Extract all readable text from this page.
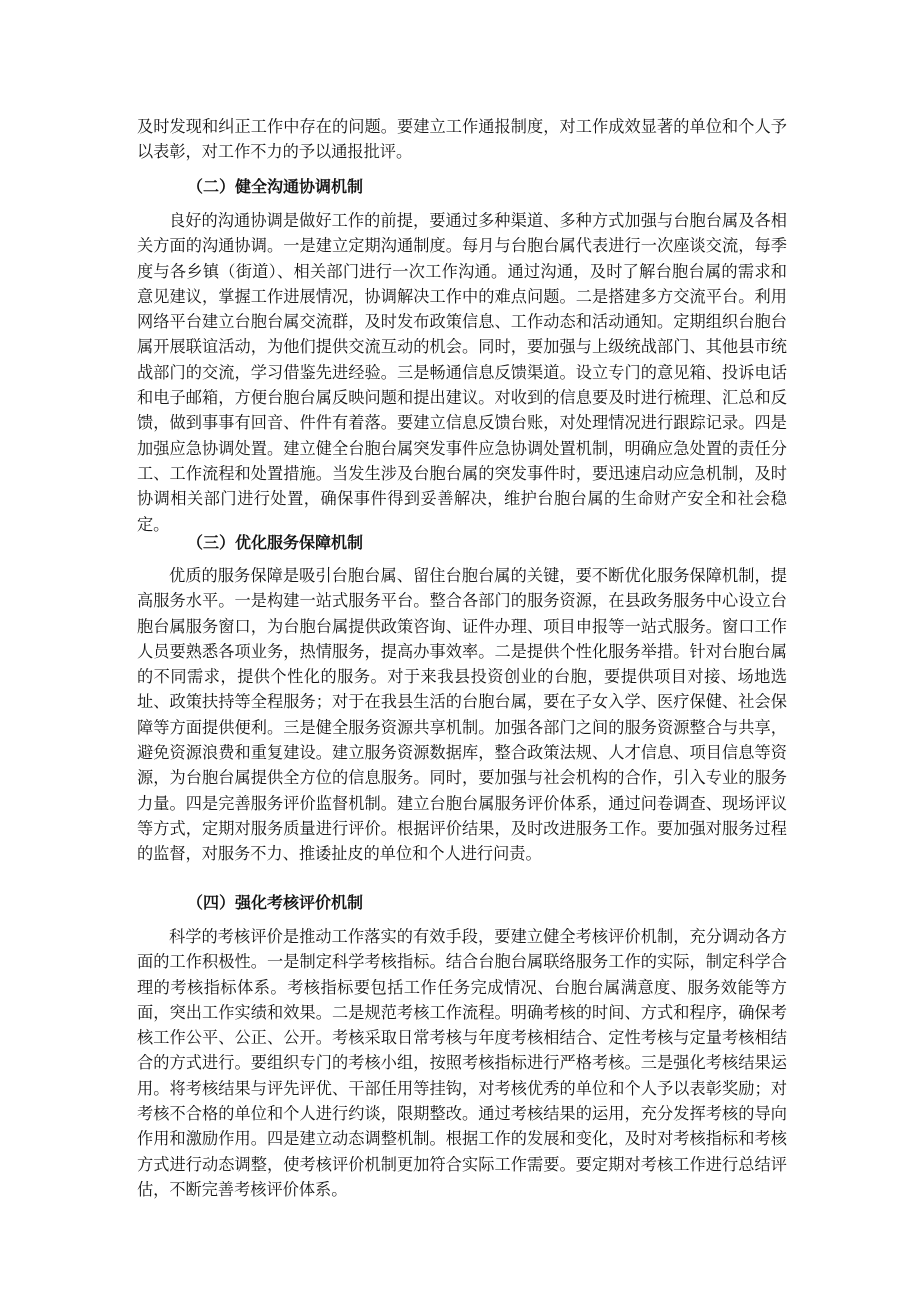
及时发现和纠正工作中存在的问题。要建立工作通报制度，对工作成效显著的单位和个人予以表彰，对工作不力的予以通报批评。

（二）健全沟通协调机制

良好的沟通协调是做好工作的前提，要通过多种渠道、多种方式加强与台胞台属及各相关方面的沟通协调。一是建立定期沟通制度。每月与台胞台属代表进行一次座谈交流，每季度与各乡镇（街道）、相关部门进行一次工作沟通。通过沟通，及时了解台胞台属的需求和意见建议，掌握工作进展情况，协调解决工作中的难点问题。二是搭建多方交流平台。利用网络平台建立台胞台属交流群，及时发布政策信息、工作动态和活动通知。定期组织台胞台属开展联谊活动，为他们提供交流互动的机会。同时，要加强与上级统战部门、其他县市统战部门的交流，学习借鉴先进经验。三是畅通信息反馈渠道。设立专门的意见箱、投诉电话和电子邮箱，方便台胞台属反映问题和提出建议。对收到的信息要及时进行梳理、汇总和反馈，做到事事有回音、件件有着落。要建立信息反馈台账，对处理情况进行跟踪记录。四是加强应急协调处置。建立健全台胞台属突发事件应急协调处置机制，明确应急处置的责任分工、工作流程和处置措施。当发生涉及台胞台属的突发事件时，要迅速启动应急机制，及时协调相关部门进行处置，确保事件得到妥善解决，维护台胞台属的生命财产安全和社会稳定。

（三）优化服务保障机制

优质的服务保障是吸引台胞台属、留住台胞台属的关键，要不断优化服务保障机制，提高服务水平。一是构建一站式服务平台。整合各部门的服务资源，在县政务服务中心设立台胞台属服务窗口，为台胞台属提供政策咨询、证件办理、项目申报等一站式服务。窗口工作人员要熟悉各项业务，热情服务，提高办事效率。二是提供个性化服务举措。针对台胞台属的不同需求，提供个性化的服务。对于来我县投资创业的台胞，要提供项目对接、场地选址、政策扶持等全程服务；对于在我县生活的台胞台属，要在子女入学、医疗保健、社会保障等方面提供便利。三是健全服务资源共享机制。加强各部门之间的服务资源整合与共享，避免资源浪费和重复建设。建立服务资源数据库，整合政策法规、人才信息、项目信息等资源，为台胞台属提供全方位的信息服务。同时，要加强与社会机构的合作，引入专业的服务力量。四是完善服务评价监督机制。建立台胞台属服务评价体系，通过问卷调查、现场评议等方式，定期对服务质量进行评价。根据评价结果，及时改进服务工作。要加强对服务过程的监督，对服务不力、推诿扯皮的单位和个人进行问责。

（四）强化考核评价机制

科学的考核评价是推动工作落实的有效手段，要建立健全考核评价机制，充分调动各方面的工作积极性。一是制定科学考核指标。结合台胞台属联络服务工作的实际，制定科学合理的考核指标体系。考核指标要包括工作任务完成情况、台胞台属满意度、服务效能等方面，突出工作实绩和效果。二是规范考核工作流程。明确考核的时间、方式和程序，确保考核工作公平、公正、公开。考核采取日常考核与年度考核相结合、定性考核与定量考核相结合的方式进行。要组织专门的考核小组，按照考核指标进行严格考核。三是强化考核结果运用。将考核结果与评先评优、干部任用等挂钩，对考核优秀的单位和个人予以表彰奖励；对考核不合格的单位和个人进行约谈，限期整改。通过考核结果的运用，充分发挥考核的导向作用和激励作用。四是建立动态调整机制。根据工作的发展和变化，及时对考核指标和考核方式进行动态调整，使考核评价机制更加符合实际工作需要。要定期对考核工作进行总结评估，不断完善考核评价体系。
